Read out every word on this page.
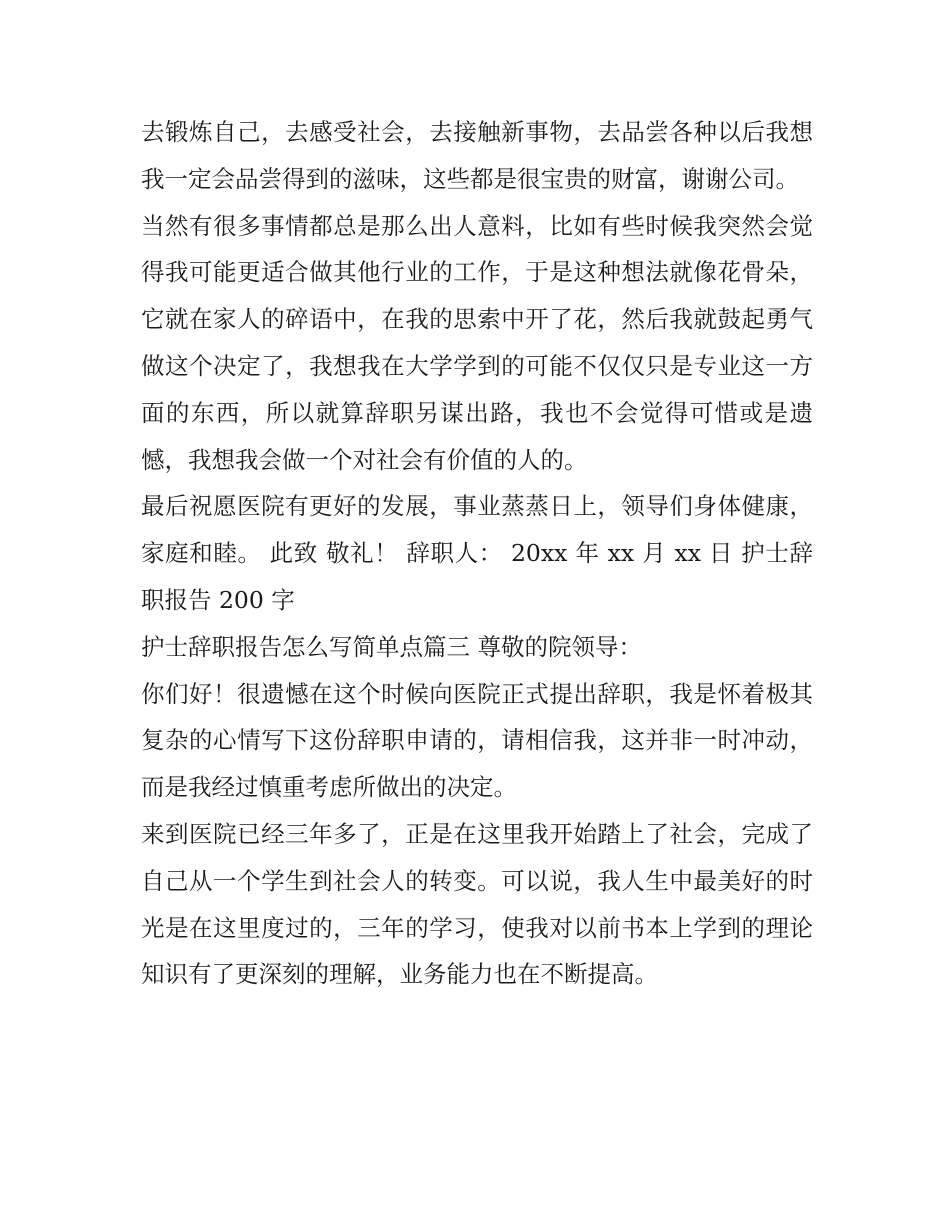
去锻炼自己，去感受社会，去接触新事物，去品尝各种以后我想我一定会品尝得到的滋味，这些都是很宝贵的财富，谢谢公司。

当然有很多事情都总是那么出人意料，比如有些时候我突然会觉得我可能更适合做其他行业的工作，于是这种想法就像花骨朵，它就在家人的碎语中，在我的思索中开了花，然后我就鼓起勇气做这个决定了，我想我在大学学到的可能不仅仅只是专业这一方面的东西，所以就算辞职另谋出路，我也不会觉得可惜或是遗憾，我想我会做一个对社会有价值的人的。

最后祝愿医院有更好的发展，事业蒸蒸日上，领导们身体健康，家庭和睦。 此致 敬礼！ 辞职人： 20xx 年 xx 月 xx 日 护士辞职报告 200 字

护士辞职报告怎么写简单点篇三 尊敬的院领导：

你们好！很遗憾在这个时候向医院正式提出辞职，我是怀着极其复杂的心情写下这份辞职申请的，请相信我，这并非一时冲动，而是我经过慎重考虑所做出的决定。

来到医院已经三年多了，正是在这里我开始踏上了社会，完成了自己从一个学生到社会人的转变。可以说，我人生中最美好的时光是在这里度过的，三年的学习，使我对以前书本上学到的理论知识有了更深刻的理解，业务能力也在不断提高。
